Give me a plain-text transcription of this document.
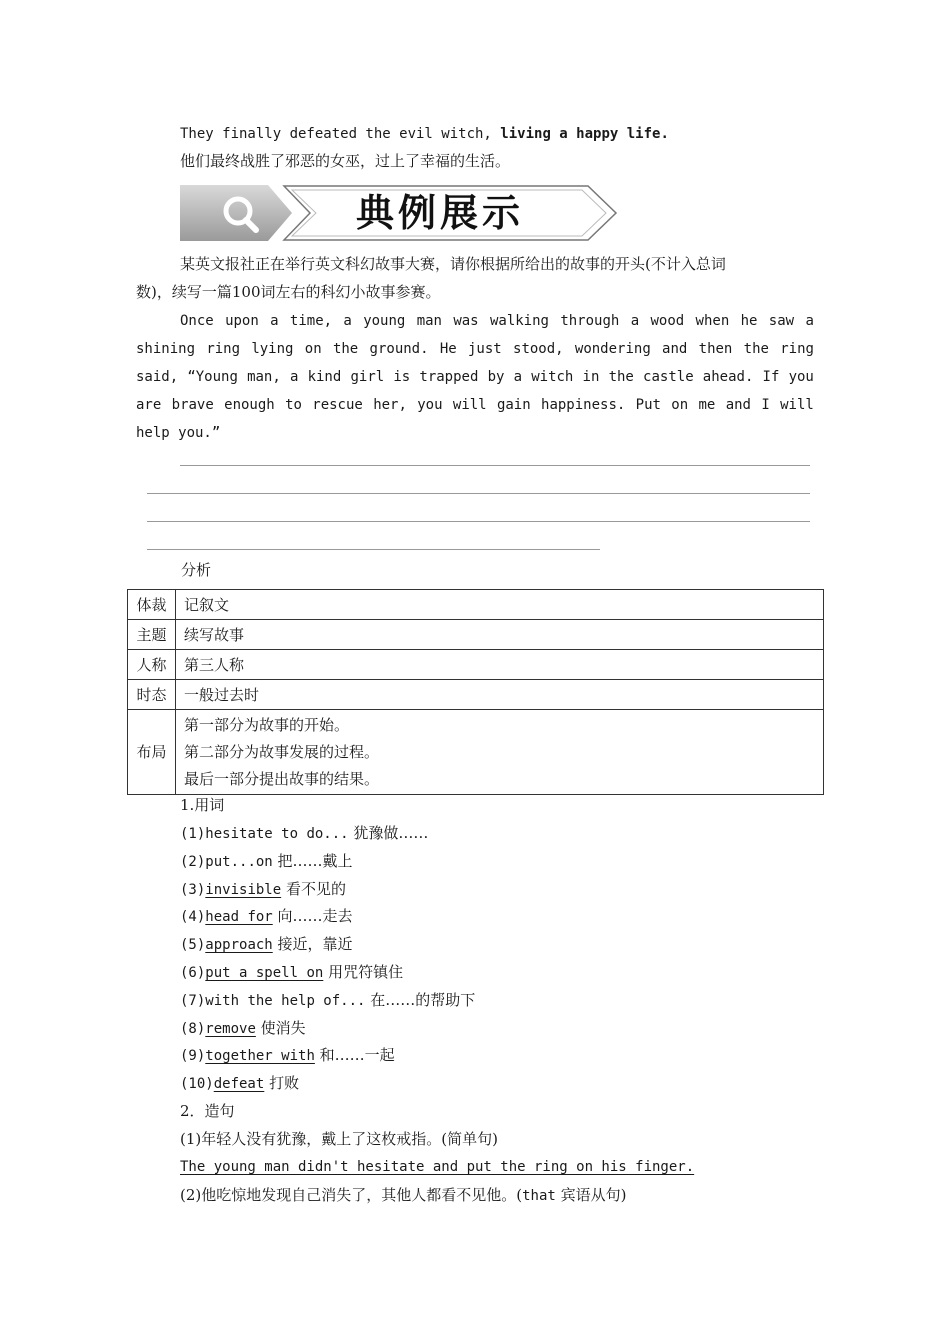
They finally defeated the evil witch, living a happy life.
他们最终战胜了邪恶的女巫，过上了幸福的生活。
典例展示
某英文报社正在举行英文科幻故事大赛，请你根据所给出的故事的开头(不计入总词
数)，续写一篇100词左右的科幻小故事参赛。
Once upon a time, a young man was walking through a wood when he saw a
shining ring lying on the ground. He just stood, wondering and then the ring
said, “Young man, a kind girl is trapped by a witch in the castle ahead. If you
are brave enough to rescue her, you will gain happiness. Put on me and I will
help you.”
分析
体裁	记叙文
主题	续写故事
人称	第三人称
时态	一般过去时
布局	第一部分为故事的开始。
第二部分为故事发展的过程。
最后一部分提出故事的结果。
1.用词
(1)hesitate to do... 犹豫做……
(2)put...on 把……戴上
(3)invisible 看不见的
(4)head for 向……走去
(5)approach 接近，靠近
(6)put a spell on 用咒符镇住
(7)with the help of... 在……的帮助下
(8)remove 使消失
(9)together with 和……一起
(10)defeat 打败
2．造句
(1)年轻人没有犹豫，戴上了这枚戒指。(简单句)
The young man didn't hesitate and put the ring on his finger.
(2)他吃惊地发现自己消失了，其他人都看不见他。(that 宾语从句)
